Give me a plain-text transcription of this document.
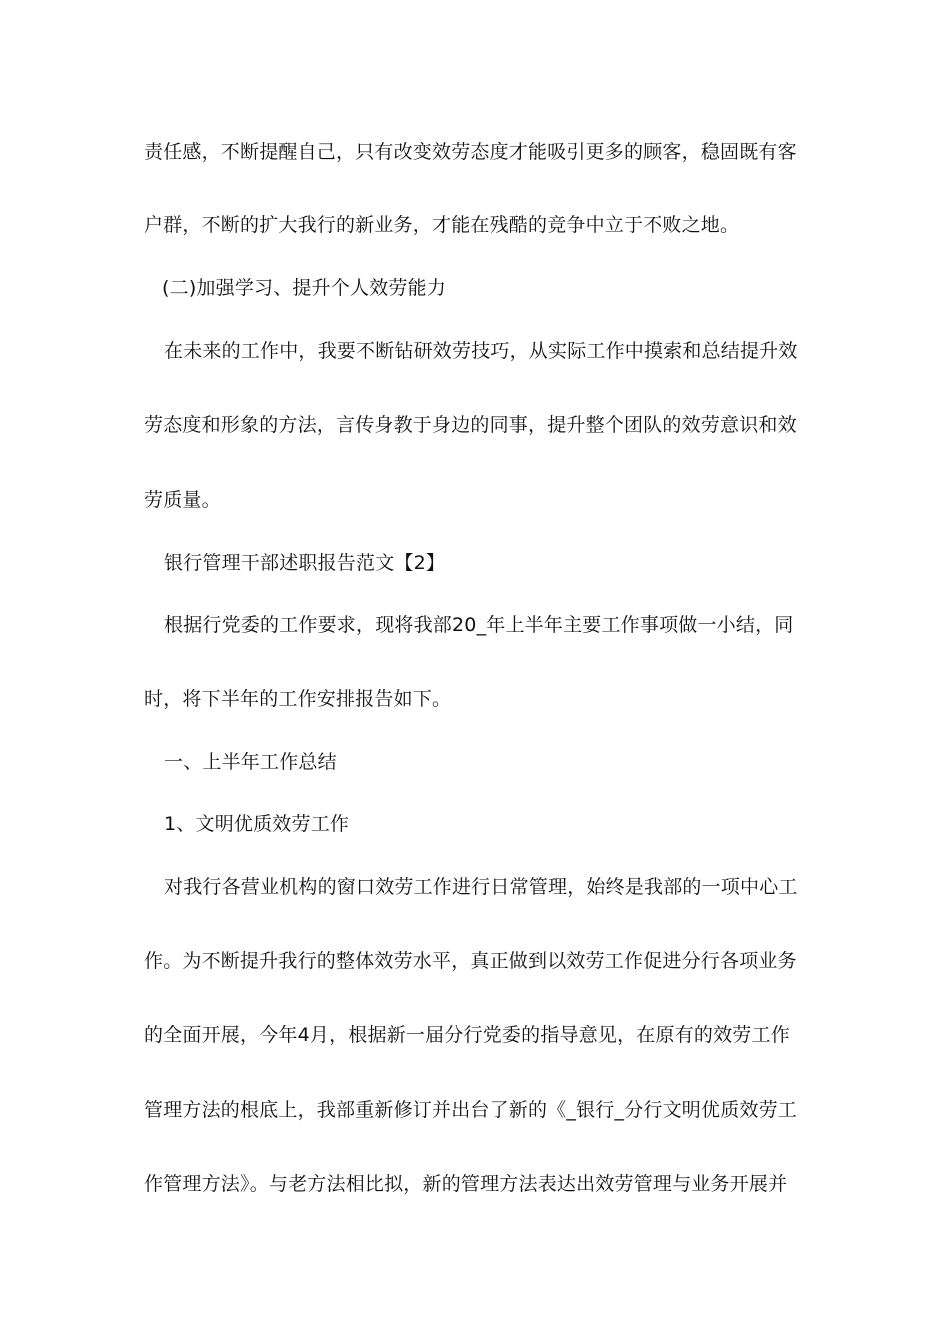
责任感，不断提醒自己，只有改变效劳态度才能吸引更多的顾客，稳固既有客
户群，不断的扩大我行的新业务，才能在残酷的竞争中立于不败之地。
(二)加强学习、提升个人效劳能力
在未来的工作中，我要不断钻研效劳技巧，从实际工作中摸索和总结提升效
劳态度和形象的方法，言传身教于身边的同事，提升整个团队的效劳意识和效
劳质量。
银行管理干部述职报告范文【2】
根据行党委的工作要求，现将我部20_年上半年主要工作事项做一小结，同
时，将下半年的工作安排报告如下。
一、上半年工作总结
1、文明优质效劳工作
对我行各营业机构的窗口效劳工作进行日常管理，始终是我部的一项中心工
作。为不断提升我行的整体效劳水平，真正做到以效劳工作促进分行各项业务
的全面开展，今年4月，根据新一届分行党委的指导意见，在原有的效劳工作
管理方法的根底上，我部重新修订并出台了新的《_银行_分行文明优质效劳工
作管理方法》。与老方法相比拟，新的管理方法表达出效劳管理与业务开展并
